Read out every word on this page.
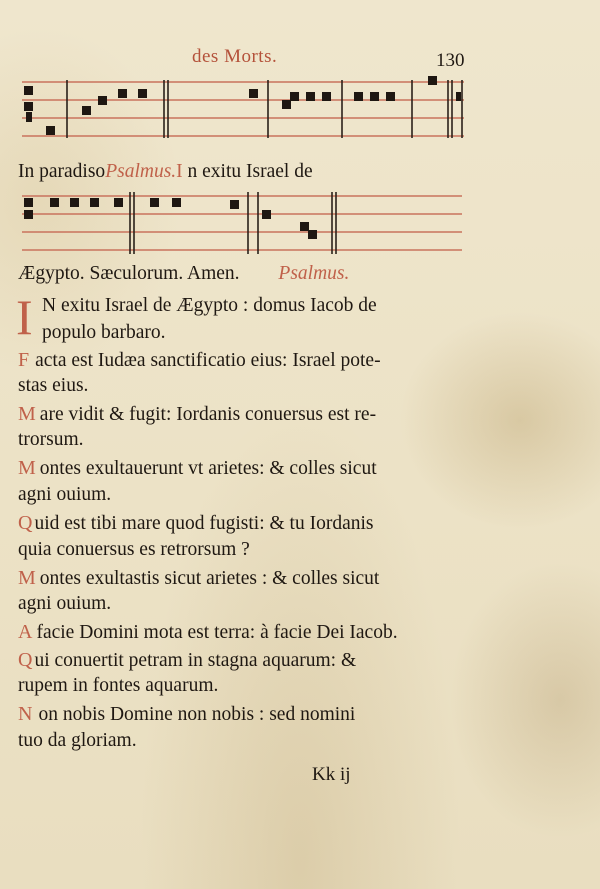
des Morts.	130
In paradisoPsalmus.I n exitu Israel de
Ægypto. Sæculorum. Amen. Psalmus.
I N exitu Israel de Ægypto : domus Iacob de
populo barbaro.
F acta est Iudæa sanctificatio eius: Israel pote-
stas eius.
M are vidit & fugit: Iordanis conuersus est re-
trorsum.
M ontes exultauerunt vt arietes: & colles sicut
agni ouium.
Q uid est tibi mare quod fugisti: & tu Iordanis
quia conuersus es retrorsum ?
M ontes exultastis sicut arietes : & colles sicut
agni ouium.
A facie Domini mota est terra: à facie Dei Iacob.
Q ui conuertit petram in stagna aquarum: &
rupem in fontes aquarum.
N on nobis Domine non nobis : sed nomini
tuo da gloriam.
Kk ij
